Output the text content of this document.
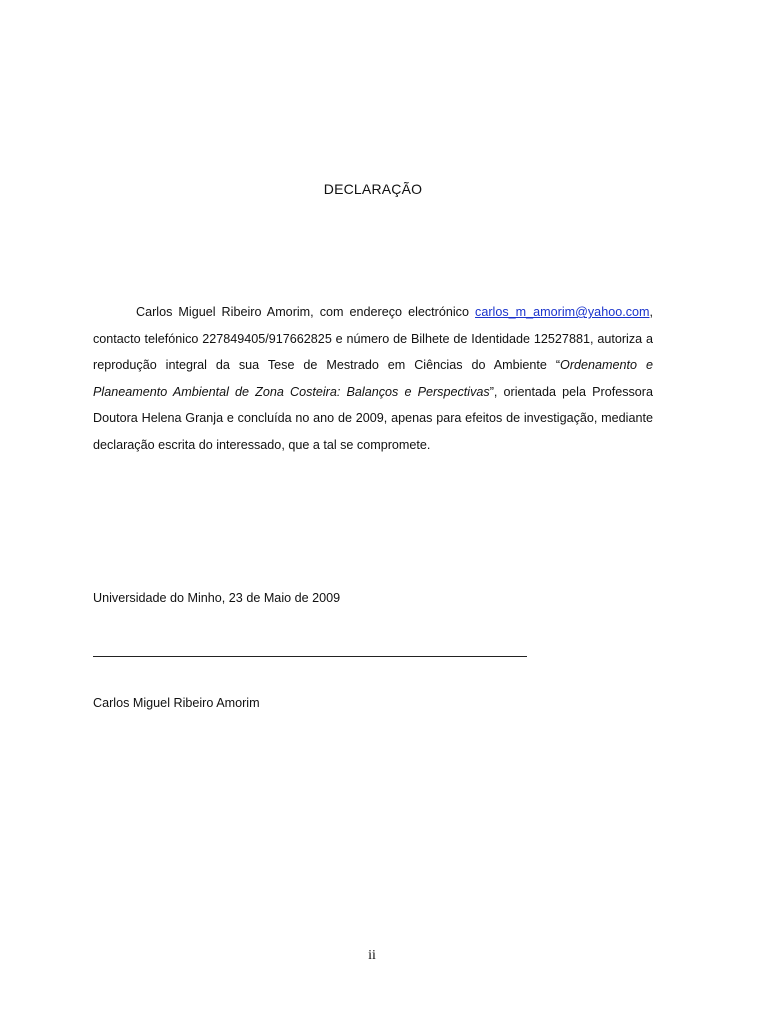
DECLARAÇÃO

Carlos Miguel Ribeiro Amorim, com endereço electrónico carlos_m_amorim@yahoo.com, contacto telefónico 227849405/917662825 e número de Bilhete de Identidade 12527881, autoriza a reprodução integral da sua Tese de Mestrado em Ciências do Ambiente “Ordenamento e Planeamento Ambiental de Zona Costeira: Balanços e Perspectivas”, orientada pela Professora Doutora Helena Granja e concluída no ano de 2009, apenas para efeitos de investigação, mediante declaração escrita do interessado, que a tal se compromete.

Universidade do Minho, 23 de Maio de 2009
Carlos Miguel Ribeiro Amorim
ii
